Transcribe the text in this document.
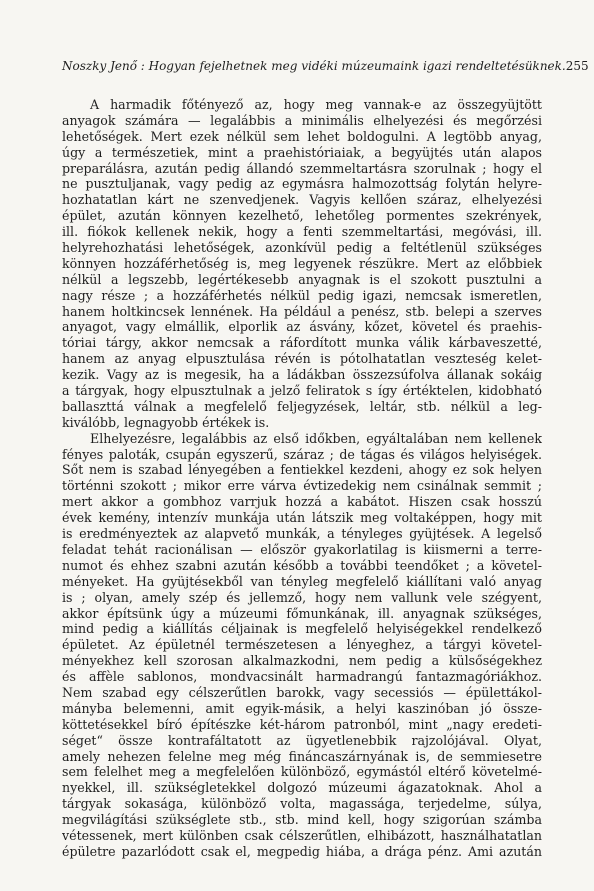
Noszky Jenő : Hogyan fejelhetnek meg vidéki múzeumaink igazi rendeltetésüknek. 255
A harmadik főtényező az, hogy meg vannak-e az összegyüjtött
anyagok számára — legalábbis a minimális elhelyezési és megőrzési
lehetőségek. Mert ezek nélkül sem lehet boldogulni. A legtöbb anyag,
úgy a természetiek, mint a praehistóriaiak, a begyüjtés után alapos
preparálásra, azután pedig állandó szemmeltartásra szorulnak ; hogy el
ne pusztuljanak, vagy pedig az egymásra halmozottság folytán helyre-
hozhatatlan kárt ne szenvedjenek. Vagyis kellően száraz, elhelyezési
épület, azután könnyen kezelhető, lehetőleg pormentes szekrények,
ill. fiókok kellenek nekik, hogy a fenti szemmeltartási, megóvási, ill.
helyrehozhatási lehetőségek, azonkívül pedig a feltétlenül szükséges
könnyen hozzáférhetőség is, meg legyenek részükre. Mert az előbbiek
nélkül a legszebb, legértékesebb anyagnak is el szokott pusztulni a
nagy része ; a hozzáférhetés nélkül pedig igazi, nemcsak ismeretlen,
hanem holtkincsek lennének. Ha például a penész, stb. belepi a szerves
anyagot, vagy elmállik, elporlik az ásvány, kőzet, követel és praehis-
tóriai tárgy, akkor nemcsak a ráfordított munka válik kárbaveszetté,
hanem az anyag elpusztulása révén is pótolhatatlan veszteség kelet-
kezik. Vagy az is megesik, ha a ládákban összezsúfolva állanak sokáig
a tárgyak, hogy elpusztulnak a jelző feliratok s így értéktelen, kidobható
ballaszttá válnak a megfelelő feljegyzések, leltár, stb. nélkül a leg-
kiválóbb, legnagyobb értékek is.
Elhelyezésre, legalábbis az első időkben, egyáltalában nem kellenek
fényes paloták, csupán egyszerű, száraz ; de tágas és világos helyiségek.
Sőt nem is szabad lényegében a fentiekkel kezdeni, ahogy ez sok helyen
történni szokott ; mikor erre várva évtizedekig nem csinálnak semmit ;
mert akkor a gombhoz varrjuk hozzá a kabátot. Hiszen csak hosszú
évek kemény, intenzív munkája után látszik meg voltaképpen, hogy mit
is eredményeztek az alapvető munkák, a tényleges gyüjtések. A legelső
feladat tehát racionálisan — először gyakorlatilag is kiismerni a terre-
numot és ehhez szabni azután később a további teendőket ; a követel-
ményeket. Ha gyüjtésekből van tényleg megfelelő kiállítani való anyag
is ; olyan, amely szép és jellemző, hogy nem vallunk vele szégyent,
akkor építsünk úgy a múzeumi főmunkának, ill. anyagnak szükséges,
mind pedig a kiállítás céljainak is megfelelő helyiségekkel rendelkező
épületet. Az épületnél természetesen a lényeghez, a tárgyi követel-
ményekhez kell szorosan alkalmazkodni, nem pedig a külsőségekhez
és affèle sablonos, mondvacsinált harmadrangú fantazmagóriákhoz.
Nem szabad egy célszerűtlen barokk, vagy secessiós — épülettákol-
mányba belemenni, amit egyik-másik, a helyi kaszinóban jó össze-
köttetésekkel bíró építészke két-három patronból, mint „nagy eredeti-
séget“ össze kontrafáltatott az ügyetlenebbik rajzolójával. Olyat,
amely nehezen felelne meg még fináncaszárnyának is, de semmiesetre
sem felelhet meg a megfelelően különböző, egymástól eltérő követelmé-
nyekkel, ill. szükségletekkel dolgozó múzeumi ágazatoknak. Ahol a
tárgyak sokasága, különböző volta, magassága, terjedelme, súlya,
megvilágítási szükséglete stb., stb. mind kell, hogy szigorúan számba
vétessenek, mert különben csak célszerűtlen, elhibázott, használhatatlan
épületre pazarlódott csak el, megpedig hiába, a drága pénz. Ami azután
